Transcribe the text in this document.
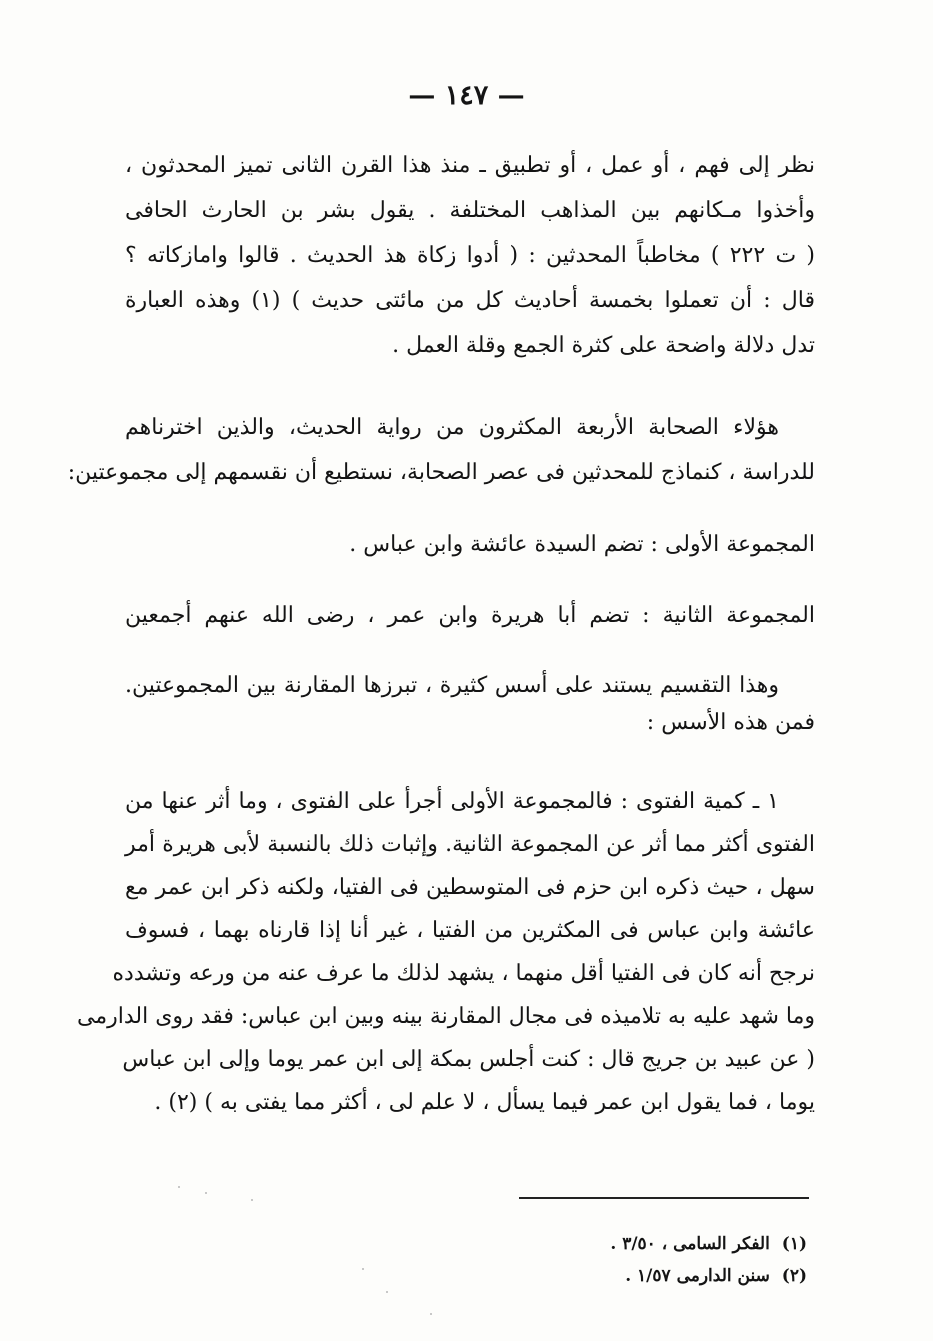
— ١٤٧ —
نظر إلى فهم ، أو عمل ، أو تطبيق ـ منذ هذا القرن الثانى تميز المحدثون ،
وأخذوا مـكانهم بين المذاهب المختلفة . يقول بشر بن الحارث الحافى
( ت ٢٢٢ ) مخاطباً المحدثين : ( أدوا زكاة هذ الحديث . قالوا وامازكاته ؟
قال : أن تعملوا بخمسة أحاديث كل من مائتى حديث ) (١) وهذه العبارة
تدل دلالة واضحة على كثرة الجمع وقلة العمل .
هؤلاء الصحابة الأربعة المكثرون من رواية الحديث، والذين اخترناهم
للدراسة ، كنماذج للمحدثين فى عصر الصحابة، نستطيع أن نقسمهم إلى مجموعتين:
المجموعة الأولى : تضم السيدة عائشة وابن عباس .
المجموعة الثانية : تضم أبا هريرة وابن عمر ، رضى الله عنهم أجمعين
وهذا التقسيم يستند على أسس كثيرة ، تبرزها المقارنة بين المجموعتين.
فمن هذه الأسس :
١ ـ كمية الفتوى : فالمجموعة الأولى أجرأ على الفتوى ، وما أثر عنها من
الفتوى أكثر مما أثر عن المجموعة الثانية. وإثبات ذلك بالنسبة لأبى هريرة أمر
سهل ، حيث ذكره ابن حزم فى المتوسطين فى الفتيا، ولكنه ذكر ابن عمر مع
عائشة وابن عباس فى المكثرين من الفتيا ، غير أنا إذا قارناه بهما ، فسوف
نرجح أنه كان فى الفتيا أقل منهما ، يشهد لذلك ما عرف عنه من ورعه وتشدده
وما شهد عليه به تلاميذه فى مجال المقارنة بينه وبين ابن عباس: فقد روى الدارمى
( عن عبيد بن جريج قال : كنت أجلس بمكة إلى ابن عمر يوما وإلى ابن عباس
يوما ، فما يقول ابن عمر فيما يسأل ، لا علم لى ، أكثر مما يفتى به ) (٢) .
(١) الفكر السامى ، ٣/٥٠ .
(٢) سنن الدارمى ١/٥٧ .
